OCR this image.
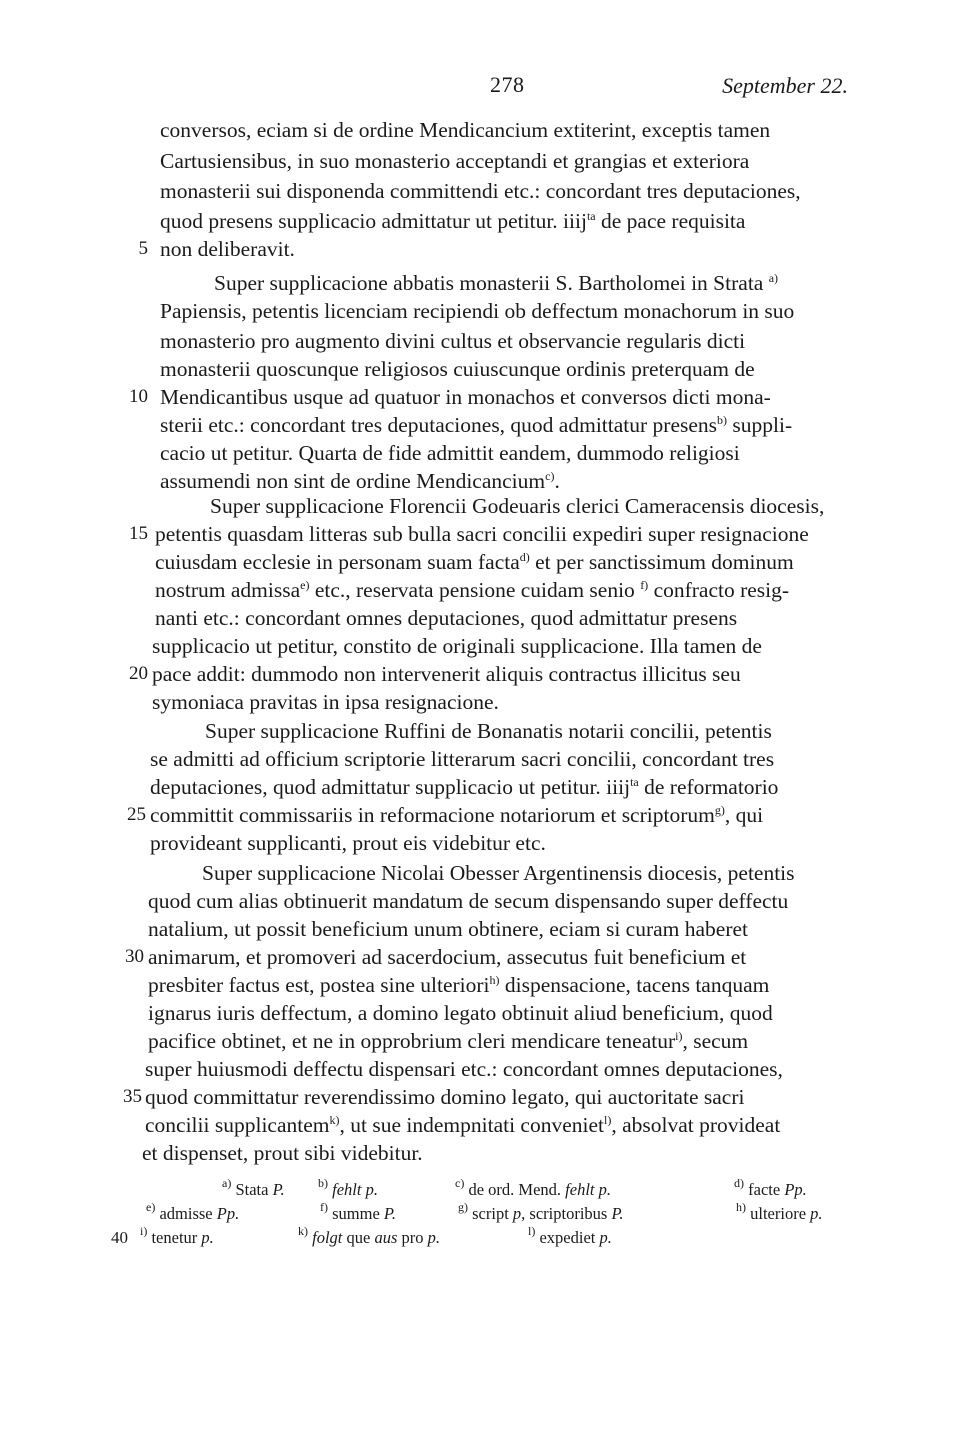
278	September 22.
conversos, eciam si de ordine Mendicancium extiterint, exceptis tamen
Cartusiensibus, in suo monasterio acceptandi et grangias et exteriora
monasterii sui disponenda committendi etc.: concordant tres deputaciones,
quod presens supplicacio admittatur ut petitur. iiij$^{ta}$ de pace requisita
5 non deliberavit.
Super supplicacione abbatis monasterii S. Bartholomei in Strata $^{a)}$
Papiensis, petentis licenciam recipiendi ob deffectum monachorum in suo
monasterio pro augmento divini cultus et observancie regularis dicti
monasterii quoscunque religiosos cuiuscunque ordinis preterquam de
10 Mendicantibus usque ad quatuor in monachos et conversos dicti mona-
sterii etc.: concordant tres deputaciones, quod admittatur presens$^{b)}$ suppli-
cacio ut petitur. Quarta de fide admittit eandem, dummodo religiosi
assumendi non sint de ordine Mendicancium$^{c)}$.
Super supplicacione Florencii Godeuaris clerici Cameracensis diocesis,
15 petentis quasdam litteras sub bulla sacri concilii expediri super resignacione
cuiusdam ecclesie in personam suam facta$^{d)}$ et per sanctissimum dominum
nostrum admissa$^{e)}$ etc., reservata pensione cuidam senio $^{f)}$ confracto resig-
nanti etc.: concordant omnes deputaciones, quod admittatur presens
supplicacio ut petitur, constito de originali supplicacione. Illa tamen de
20 pace addit: dummodo non intervenerit aliquis contractus illicitus seu
symoniaca pravitas in ipsa resignacione.
Super supplicacione Ruffini de Bonanatis notarii concilii, petentis
se admitti ad officium scriptorie litterarum sacri concilii, concordant tres
deputaciones, quod admittatur supplicacio ut petitur. iiij$^{ta}$ de reformatorio
25 committit commissariis in reformacione notariorum et scriptorum$^{g)}$, qui
provideant supplicanti, prout eis videbitur etc.
Super supplicacione Nicolai Obesser Argentinensis diocesis, petentis
quod cum alias obtinuerit mandatum de secum dispensando super deffectu
natalium, ut possit beneficium unum obtinere, eciam si curam haberet
30 animarum, et promoveri ad sacerdocium, assecutus fuit beneficium et
presbiter factus est, postea sine ulteriori$^{h)}$ dispensacione, tacens tanquam
ignarus iuris deffectum, a domino legato obtinuit aliud beneficium, quod
pacifice obtinet, et ne in opprobrium cleri mendicare teneatur$^{i)}$, secum
super huiusmodi deffectu dispensari etc.: concordant omnes deputaciones,
35 quod committatur reverendissimo domino legato, qui auctoritate sacri
concilii supplicantem$^{k)}$, ut sue indempnitati conveniet$^{l)}$, absolvat provideat
et dispenset, prout sibi videbitur.
$^{a)}$ Stata P.	$^{b)}$ fehlt p.	$^{c)}$ de ord. Mend. fehlt p.	$^{d)}$ facte Pp.
$^{e)}$ admisse Pp.	$^{f)}$ summe P.	$^{g)}$ script p, scriptoribus P.	$^{h)}$ ulteriore p.
40 $^{i)}$ tenetur p.	$^{k)}$ folgt que aus pro p.	$^{l)}$ expediet p.
